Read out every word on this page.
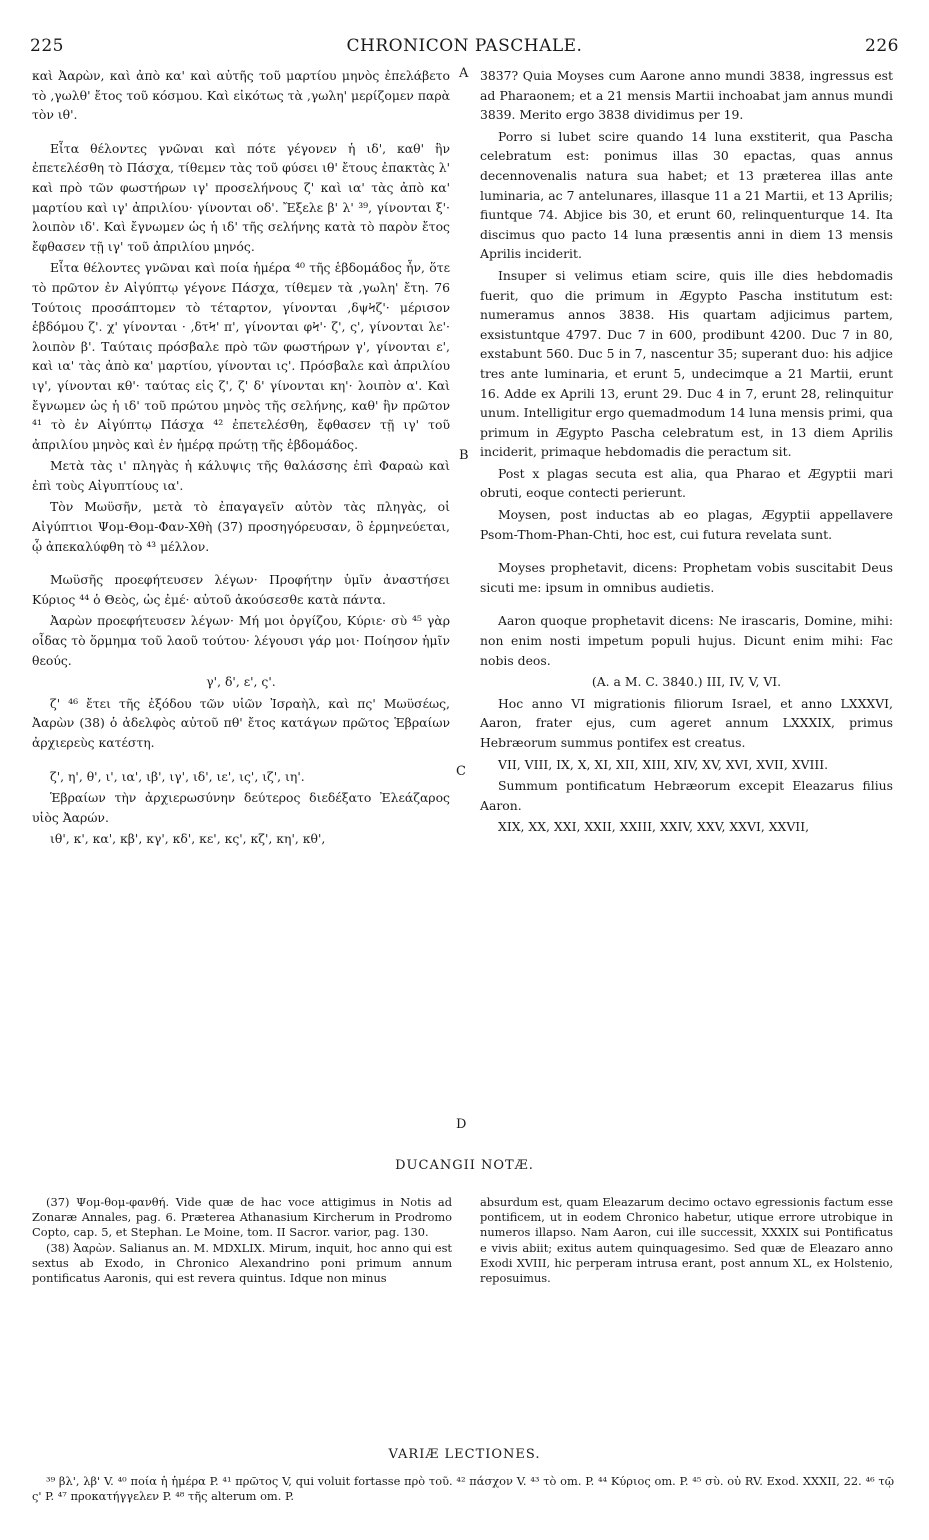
225	CHRONICON PASCHALE.	226
A
B
C
D

καὶ Ἀαρὼν, καὶ ἀπὸ κα' καὶ αὐτῆς τοῦ μαρτίου μηνὸς ἐπελάβετο τὸ ‚γωλθ' ἔτος τοῦ κόσμου. Καὶ εἰκότως τὰ ‚γωλη' μερίζομεν παρὰ τὸν ιθ'.

Εἶτα θέλοντες γνῶναι καὶ πότε γέγονεν ἡ ιδ', καθ' ἣν ἐπετελέσθη τὸ Πάσχα, τίθεμεν τὰς τοῦ φύσει ιθ' ἔτους ἐπακτὰς λ' καὶ πρὸ τῶν φωστήρων ιγ' προσελήνους ζ' καὶ ια' τὰς ἀπὸ κα' μαρτίου καὶ ιγ' ἀπριλίου· γίνονται οδ'. Ἔξελε β' λ' ³⁹, γίνονται ξ'· λοιπὸν ιδ'. Καὶ ἔγνωμεν ὡς ἡ ιδ' τῆς σελήνης κατὰ τὸ παρὸν ἔτος ἔφθασεν τῇ ιγ' τοῦ ἀπριλίου μηνός.

Εἶτα θέλοντες γνῶναι καὶ ποία ἡμέρα ⁴⁰ τῆς ἑβδομάδος ἦν, ὅτε τὸ πρῶτον ἐν Αἰγύπτῳ γέγονε Πάσχα, τίθεμεν τὰ ‚γωλη' ἔτη. 76 Τούτοις προσάπτομεν τὸ τέταρτον, γίνονται ‚δψϞζ'· μέρισον ἑβδόμου ζ'. χ' γίνονται · ‚δτϞ' π', γίνονται φϞ'· ζ', ς', γίνονται λε'· λοιπὸν β'. Ταύταις πρόσβαλε πρὸ τῶν φωστήρων γ', γίνονται ε', καὶ ια' τὰς ἀπὸ κα' μαρτίου, γίνονται ις'. Πρόσβαλε καὶ ἀπριλίου ιγ', γίνονται κθ'· ταύτας εἰς ζ', ζ' δ' γίνονται κη'· λοιπὸν α'. Καὶ ἔγνωμεν ὡς ἡ ιδ' τοῦ πρώτου μηνὸς τῆς σελήνης, καθ' ἣν πρῶτον ⁴¹ τὸ ἐν Αἰγύπτῳ Πάσχα ⁴² ἐπετελέσθη, ἔφθασεν τῇ ιγ' τοῦ ἀπριλίου μηνὸς καὶ ἐν ἡμέρᾳ πρώτῃ τῆς ἑβδομάδος.

Μετὰ τὰς ι' πληγὰς ἡ κάλυψις τῆς θαλάσσης ἐπὶ Φαραὼ καὶ ἐπὶ τοὺς Αἰγυπτίους ια'.

Τὸν Μωϋσῆν, μετὰ τὸ ἐπαγαγεῖν αὐτὸν τὰς πληγὰς, οἱ Αἰγύπτιοι Ψομ-Θομ-Φαν-Χθὴ (37) προσηγόρευσαν, ὃ ἑρμηνεύεται, ᾧ ἀπεκαλύφθη τὸ ⁴³ μέλλον.

Μωϋσῆς προεφήτευσεν λέγων· Προφήτην ὑμῖν ἀναστήσει Κύριος ⁴⁴ ὁ Θεὸς, ὡς ἐμέ· αὐτοῦ ἀκούσεσθε κατὰ πάντα.

Ἀαρὼν προεφήτευσεν λέγων· Μή μοι ὀργίζου, Κύριε· σὺ ⁴⁵ γὰρ οἶδας τὸ ὅρμημα τοῦ λαοῦ τούτου· λέγουσι γάρ μοι· Ποίησον ἡμῖν θεούς.

γ', δ', ε', ς'.

ζ' ⁴⁶ ἔτει τῆς ἐξόδου τῶν υἱῶν Ἰσραὴλ, καὶ πς' Μωϋσέως, Ἀαρὼν (38) ὁ ἀδελφὸς αὐτοῦ πθ' ἔτος κατάγων πρῶτος Ἑβραίων ἀρχιερεὺς κατέστη.

ζ', η', θ', ι', ια', ιβ', ιγ', ιδ', ιε', ις', ιζ', ιη'.

Ἑβραίων τὴν ἀρχιερωσύνην δεύτερος διεδέξατο Ἐλεάζαρος υἱὸς Ἀαρών.

ιθ', κ', κα', κβ', κγ', κδ', κε', κς', κζ', κη', κθ',

3837? Quia Moyses cum Aarone anno mundi 3838, ingressus est ad Pharaonem; et a 21 mensis Martii inchoabat jam annus mundi 3839. Merito ergo 3838 dividimus per 19.

Porro si lubet scire quando 14 luna exstiterit, qua Pascha celebratum est: ponimus illas 30 epactas, quas annus decennovenalis natura sua habet; et 13 præterea illas ante luminaria, ac 7 antelunares, illasque 11 a 21 Martii, et 13 Aprilis; fiuntque 74. Abjice bis 30, et erunt 60, relinquenturque 14. Ita discimus quo pacto 14 luna præsentis anni in diem 13 mensis Aprilis inciderit.

Insuper si velimus etiam scire, quis ille dies hebdomadis fuerit, quo die primum in Ægypto Pascha institutum est: numeramus annos 3838. His quartam adjicimus partem, exsistuntque 4797. Duc 7 in 600, prodibunt 4200. Duc 7 in 80, exstabunt 560. Duc 5 in 7, nascentur 35; superant duo: his adjice tres ante luminaria, et erunt 5, undecimque a 21 Martii, erunt 16. Adde ex Aprili 13, erunt 29. Duc 4 in 7, erunt 28, relinquitur unum. Intelligitur ergo quemadmodum 14 luna mensis primi, qua primum in Ægypto Pascha celebratum est, in 13 diem Aprilis inciderit, primaque hebdomadis die peractum sit.

Post x plagas secuta est alia, qua Pharao et Ægyptii mari obruti, eoque contecti perierunt.

Moysen, post inductas ab eo plagas, Ægyptii appellavere Psom-Thom-Phan-Chti, hoc est, cui futura revelata sunt.

Moyses prophetavit, dicens: Prophetam vobis suscitabit Deus sicuti me: ipsum in omnibus audietis.

Aaron quoque prophetavit dicens: Ne irascaris, Domine, mihi: non enim nosti impetum populi hujus. Dicunt enim mihi: Fac nobis deos.

(A. a M. C. 3840.) III, IV, V, VI.

Hoc anno VI migrationis filiorum Israel, et anno LXXXVI, Aaron, frater ejus, cum ageret annum LXXXIX, primus Hebræorum summus pontifex est creatus.

VII, VIII, IX, X, XI, XII, XIII, XIV, XV, XVI, XVII, XVIII.

Summum pontificatum Hebræorum excepit Eleazarus filius Aaron.

XIX, XX, XXI, XXII, XXIII, XXIV, XXV, XXVI, XXVII,

DUCANGII NOTÆ.

(37) Ψομ-θομ-φανθή. Vide quæ de hac voce attigimus in Notis ad Zonaræ Annales, pag. 6. Præterea Athanasium Kircherum in Prodromo Copto, cap. 5, et Stephan. Le Moine, tom. II Sacror. varior, pag. 130.

(38) Ἀαρὼν. Salianus an. M. MDXLIX. Mirum, inquit, hoc anno qui est sextus ab Exodo, in Chronico Alexandrino poni primum annum pontificatus Aaronis, qui est revera quintus. Idque non minus

absurdum est, quam Eleazarum decimo octavo egressionis factum esse pontificem, ut in eodem Chronico habetur, utique errore utrobique in numeros illapso. Nam Aaron, cui ille successit, XXXIX sui Pontificatus e vivis abiit; exitus autem quinquagesimo. Sed quæ de Eleazaro anno Exodi XVIII, hic perperam intrusa erant, post annum XL, ex Holstenio, reposuimus.

VARIÆ LECTIONES.
³⁹ βλ', λβ' V. ⁴⁰ ποία ἡ ἡμέρα P. ⁴¹ πρῶτος V, qui voluit fortasse πρὸ τοῦ. ⁴² πάσχον V. ⁴³ τὸ om. P. ⁴⁴ Κύριος om. P. ⁴⁵ σὺ. οὐ RV. Exod. XXXII, 22. ⁴⁶ τῷ ς' P. ⁴⁷ προκατήγγελεν P. ⁴⁸ τῆς alterum om. P.
